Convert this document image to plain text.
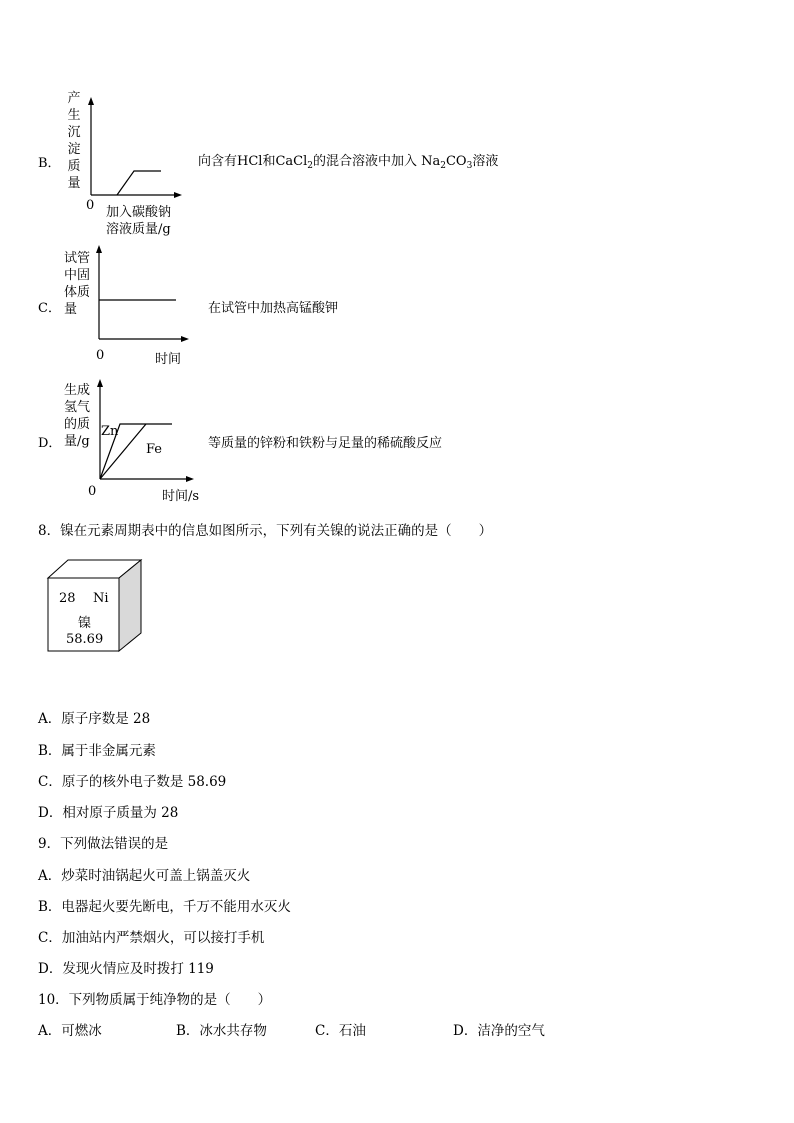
B．
产生沉淀质量
0 加入碳酸钠
溶液质量/g
向含有HCl和CaCl$_2$的混合溶液中加入 $Na_2CO_3$溶液
C．
试管
中固
体质
量
0	时间
在试管中加热高锰酸钾
D．
生成
氢气
的质
量/g
Zn
Fe
0	时间/s
等质量的锌粉和铁粉与足量的稀硫酸反应
8．镍在元素周期表中的信息如图所示，下列有关镍的说法正确的是（　　）
28 Ni
镍
58.69
A．原子序数是 28
B．属于非金属元素
C．原子的核外电子数是 58.69
D．相对原子质量为 28
9．下列做法错误的是
A．炒菜时油锅起火可盖上锅盖灭火
B．电器起火要先断电，千万不能用水灭火
C．加油站内严禁烟火，可以接打手机
D．发现火情应及时拨打 119
10．下列物质属于纯净物的是（　　）
A．可燃冰	B．冰水共存物	C．石油	D．洁净的空气
